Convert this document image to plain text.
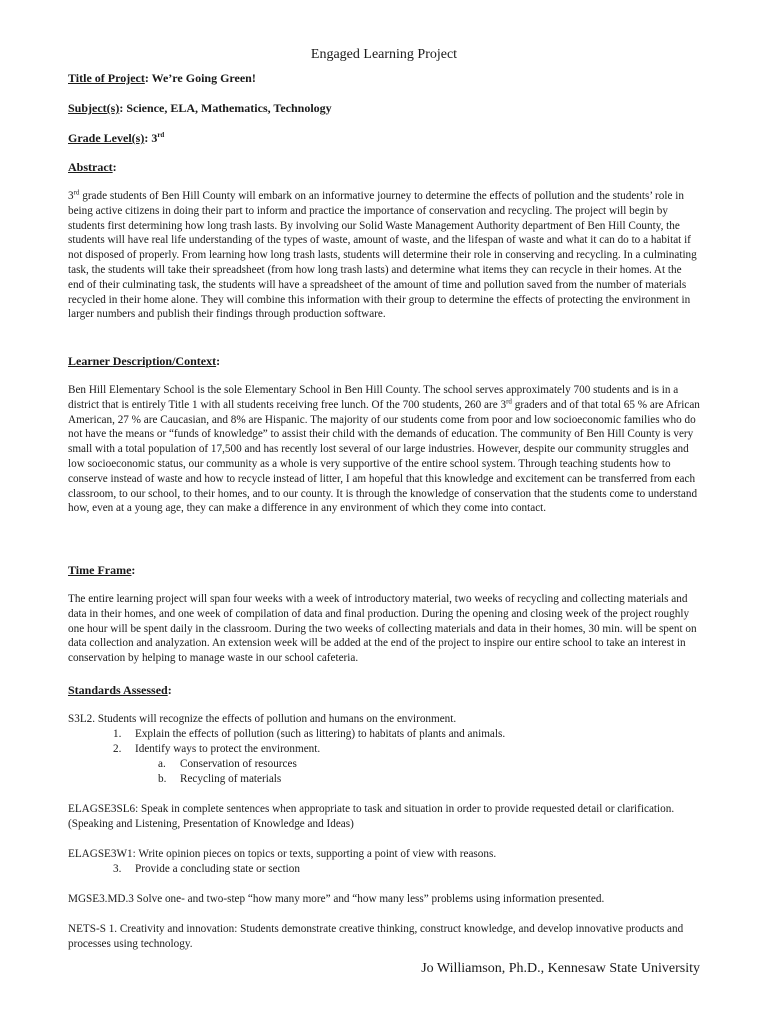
Engaged Learning Project
Title of Project: We’re Going Green!
Subject(s): Science, ELA, Mathematics, Technology
Grade Level(s): 3rd
Abstract:

3rd grade students of Ben Hill County will embark on an informative journey to determine the effects of pollution and the students’ role in being active citizens in doing their part to inform and practice the importance of conservation and recycling. The project will begin by students first determining how long trash lasts. By involving our Solid Waste Management Authority department of Ben Hill County, the students will have real life understanding of the types of waste, amount of waste, and the lifespan of waste and what it can do to a habitat if not disposed of properly. From learning how long trash lasts, students will determine their role in conserving and recycling. In a culminating task, the students will take their spreadsheet (from how long trash lasts) and determine what items they can recycle in their homes. At the end of their culminating task, the students will have a spreadsheet of the amount of time and pollution saved from the number of materials recycled in their home alone. They will combine this information with their group to determine the effects of protecting the environment in larger numbers and publish their findings through production software.

Learner Description/Context:

Ben Hill Elementary School is the sole Elementary School in Ben Hill County. The school serves approximately 700 students and is in a district that is entirely Title 1 with all students receiving free lunch. Of the 700 students, 260 are 3rd graders and of that total 65 % are African American, 27 % are Caucasian, and 8% are Hispanic. The majority of our students come from poor and low socioeconomic families who do not have the means or “funds of knowledge” to assist their child with the demands of education. The community of Ben Hill County is very small with a total population of 17,500 and has recently lost several of our large industries. However, despite our community struggles and low socioeconomic status, our community as a whole is very supportive of the entire school system. Through teaching students how to conserve instead of waste and how to recycle instead of litter, I am hopeful that this knowledge and excitement can be transferred from each classroom, to our school, to their homes, and to our county. It is through the knowledge of conservation that the students come to understand how, even at a young age, they can make a difference in any environment of which they come into contact.

Time Frame:

The entire learning project will span four weeks with a week of introductory material, two weeks of recycling and collecting materials and data in their homes, and one week of compilation of data and final production. During the opening and closing week of the project roughly one hour will be spent daily in the classroom. During the two weeks of collecting materials and data in their homes, 30 min. will be spent on data collection and analyzation. An extension week will be added at the end of the project to inspire our entire school to take an interest in conservation by helping to manage waste in our school cafeteria.

Standards Assessed:
S3L2. Students will recognize the effects of pollution and humans on the environment.
1. Explain the effects of pollution (such as littering) to habitats of plants and animals.
2. Identify ways to protect the environment.
a. Conservation of resources
b. Recycling of materials

ELAGSE3SL6: Speak in complete sentences when appropriate to task and situation in order to provide requested detail or clarification. (Speaking and Listening, Presentation of Knowledge and Ideas)

ELAGSE3W1: Write opinion pieces on topics or texts, supporting a point of view with reasons.
3. Provide a concluding state or section
MGSE3.MD.3 Solve one- and two-step “how many more” and “how many less” problems using information presented.

NETS-S 1. Creativity and innovation: Students demonstrate creative thinking, construct knowledge, and develop innovative products and processes using technology.

Jo Williamson, Ph.D., Kennesaw State University
